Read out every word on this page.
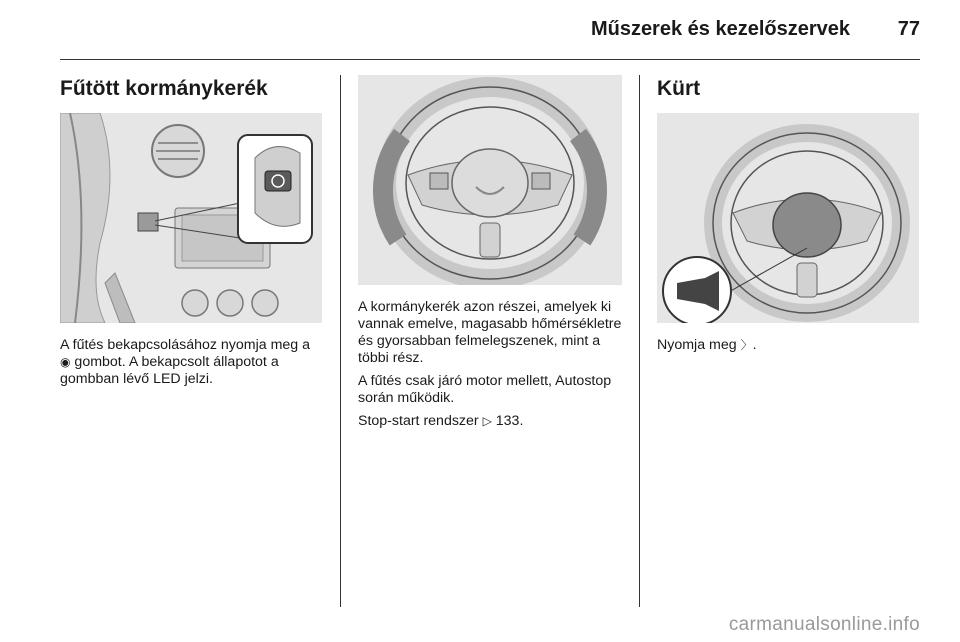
Műszerek és kezelőszervek 77
Fűtött kormánykerék

A fűtés bekapcsolásához nyomja meg a ◉ gombot. A bekapcsolt állapotot a gombban lévő LED jelzi.

A kormánykerék azon részei, amelyek ki vannak emelve, magasabb hőmérsékletre és gyorsabban felmelegszenek, mint a többi rész.

A fűtés csak járó motor mellett, Autostop során működik.

Stop-start rendszer ▷ 133.

Kürt

Nyomja meg 〉.

carmanualsonline.info
